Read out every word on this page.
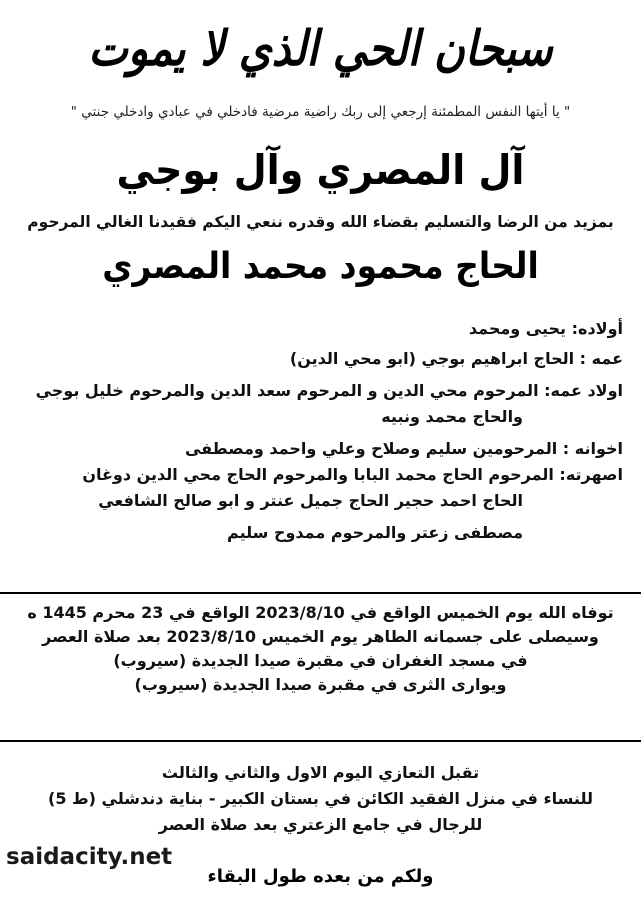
سبحان الحي الذي لا يموت
" يا أيتها النفس المطمئنة إرجعي إلى ربك راضية مرضية فادخلي في عبادي وادخلي جنتي "
آل المصري وآل بوجي
بمزيد من الرضا والتسليم بقضاء الله وقدره ننعي اليكم فقيدنا الغالي المرحوم
الحاج محمود محمد المصري
أولاده: يحيى ومحمد
عمه : الحاج ابراهيم بوجي (ابو محي الدين)
اولاد عمه: المرحوم محي الدين و المرحوم سعد الدين والمرحوم خليل بوجي
والحاج محمد ونبيه
اخوانه : المرحومين سليم وصلاح وعلي واحمد ومصطفى
اصهرته: المرحوم الحاج محمد البابا والمرحوم الحاج محي الدين دوغان
الحاج احمد حجير الحاج جميل عنتر و ابو صالح الشافعي
مصطفى زعتر والمرحوم ممدوح سليم
توفاه الله يوم الخميس الواقع في 2023/8/10 الواقع في 23 محرم 1445 ه
وسيصلى على جسمانه الطاهر يوم الخميس 2023/8/10 بعد صلاة العصر
في مسجد الغفران في مقبرة صيدا الجديدة (سيروب)
ويوارى الثرى في مقبرة صيدا الجديدة (سيروب)
تقبل التعازي اليوم الاول والثاني والثالث
للنساء في منزل الفقيد الكائن في بستان الكبير - بناية دندشلي (ط 5)
للرجال في جامع الزعتري بعد صلاة العصر
saidacity.net
ولكم من بعده طول البقاء
